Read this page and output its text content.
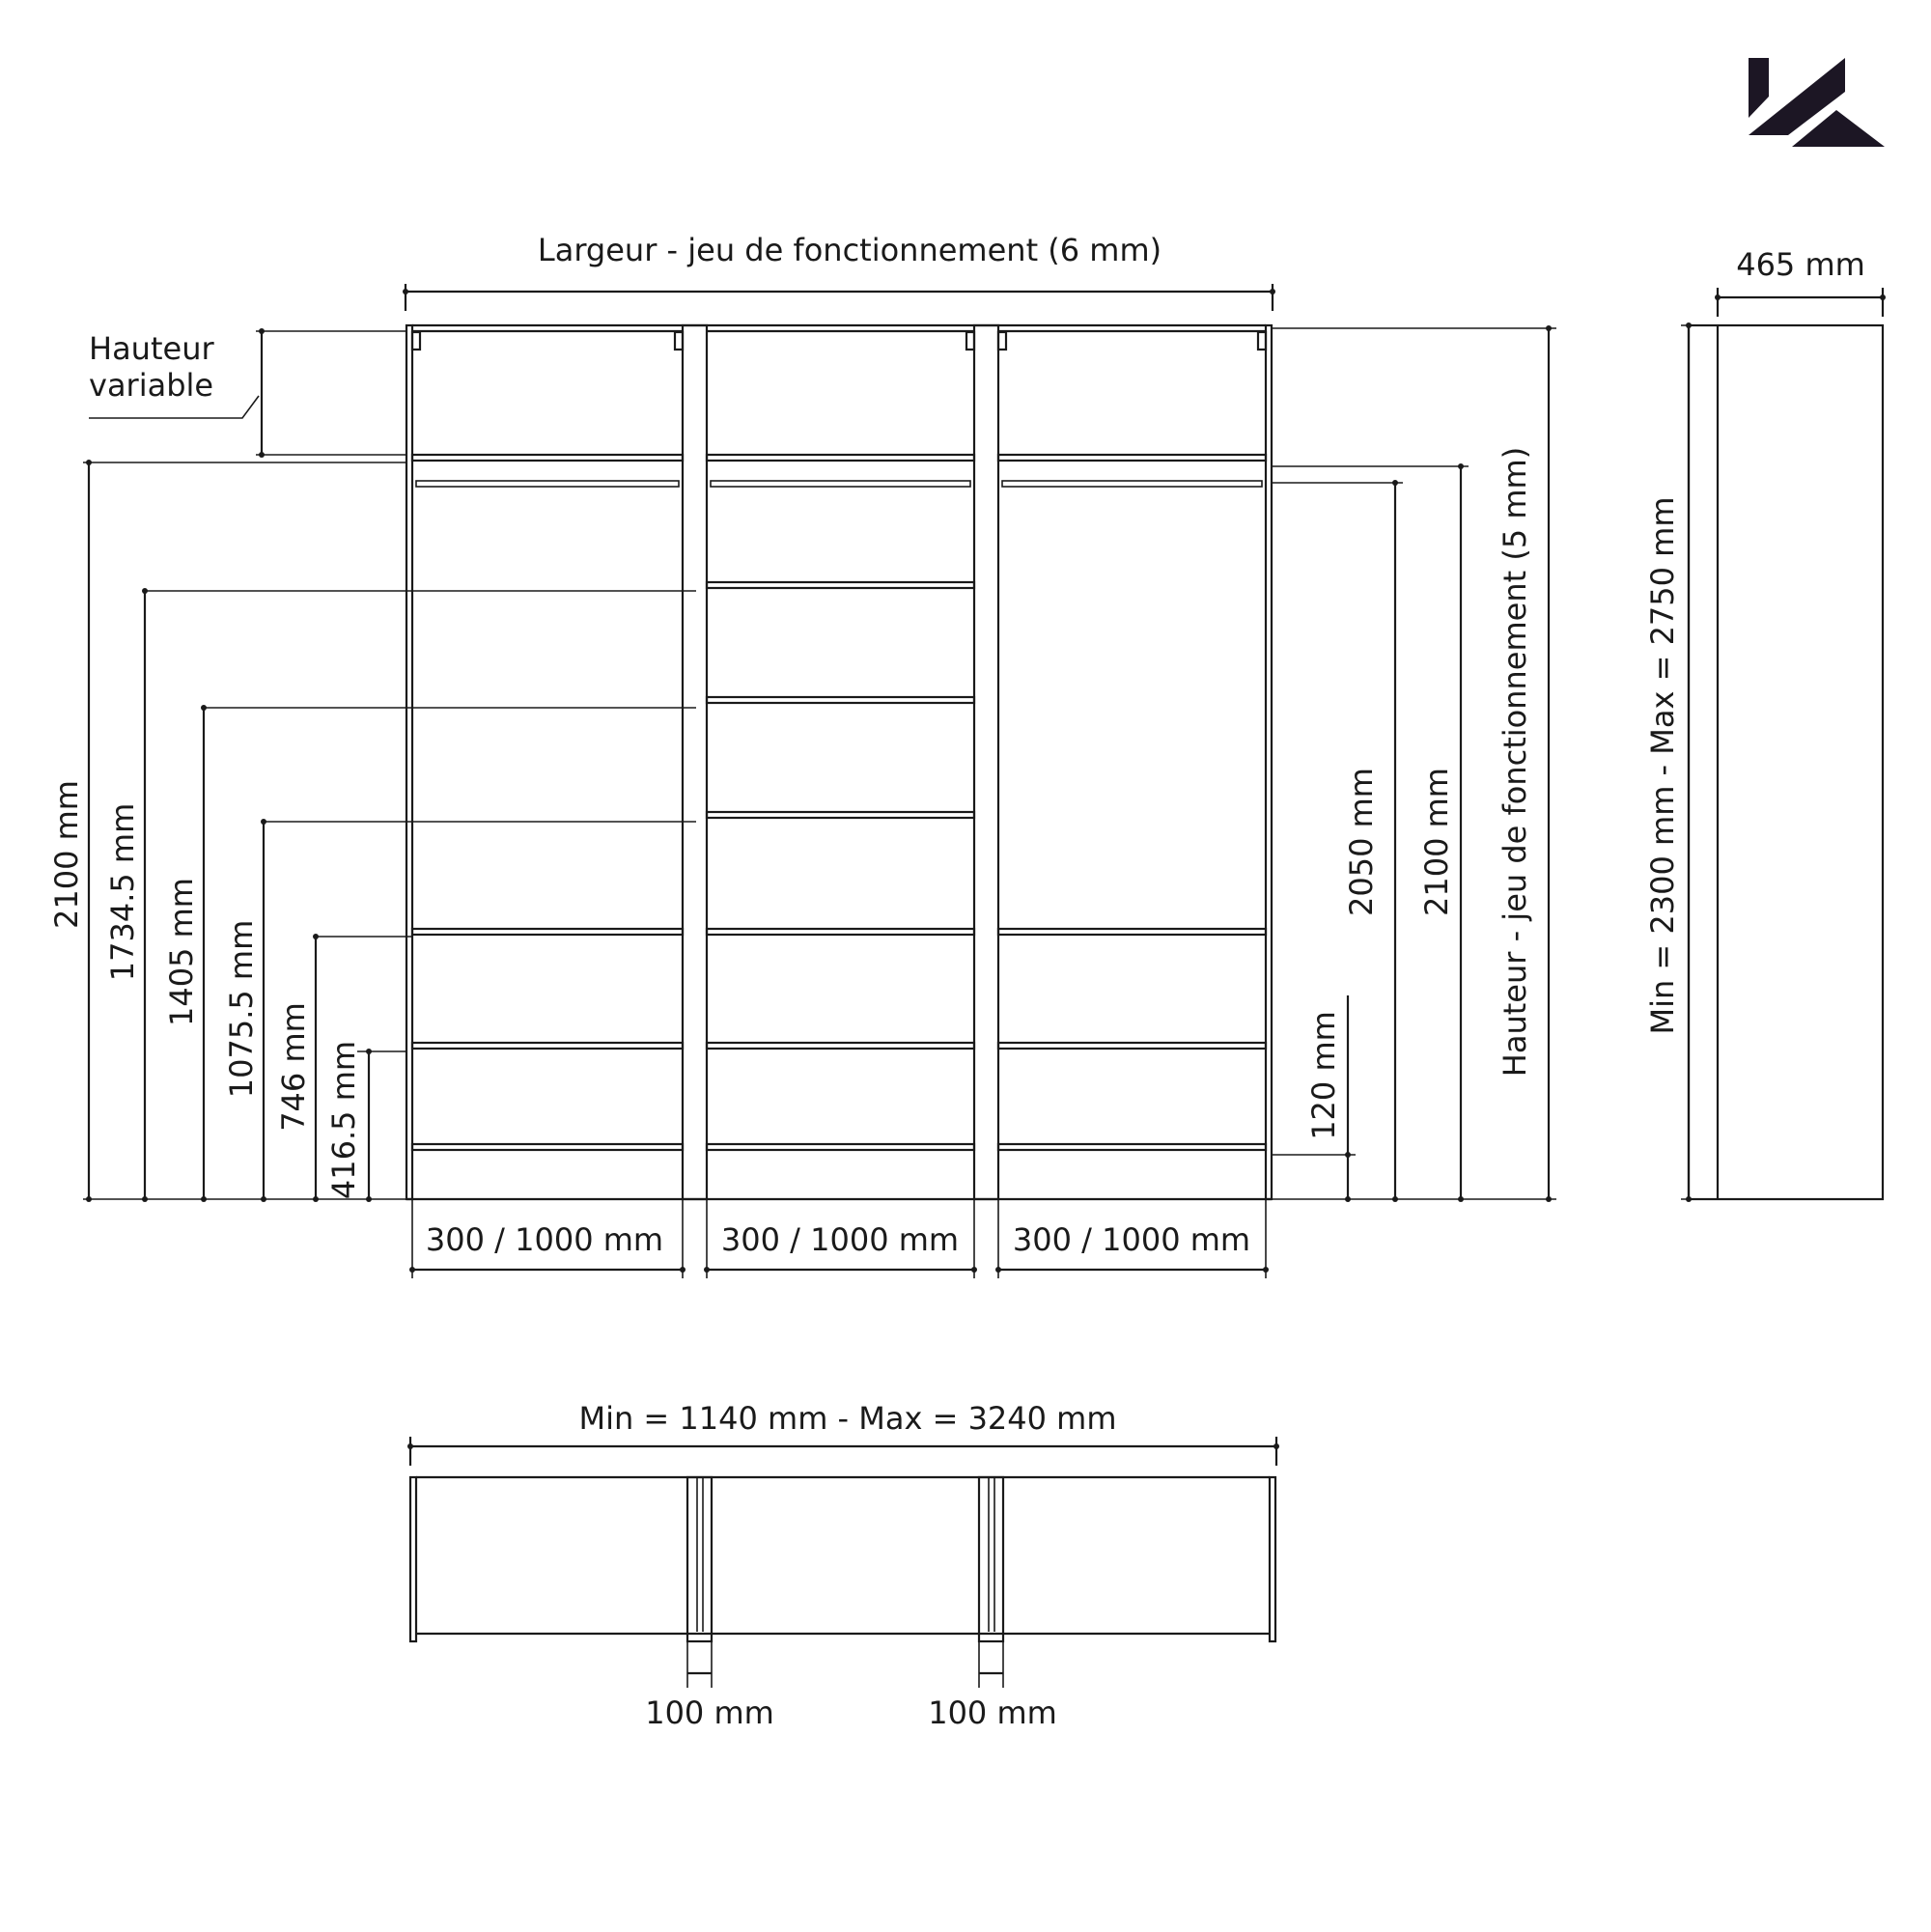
Largeur - jeu de fonctionnement (6 mm)
Hauteur
variable
2100 mm 1734.5 mm 1405 mm 1075.5 mm 746 mm 416.5 mm	120 mm
2050 mm 2100 mm Hauteur - jeu de fonctionnement (5 mm)
300 / 1000 mm 300 / 1000 mm 300 / 1000 mm
465 mm
Min = 2300 mm - Max = 2750 mm
Min = 1140 mm - Max = 3240 mm
100 mm	100 mm
